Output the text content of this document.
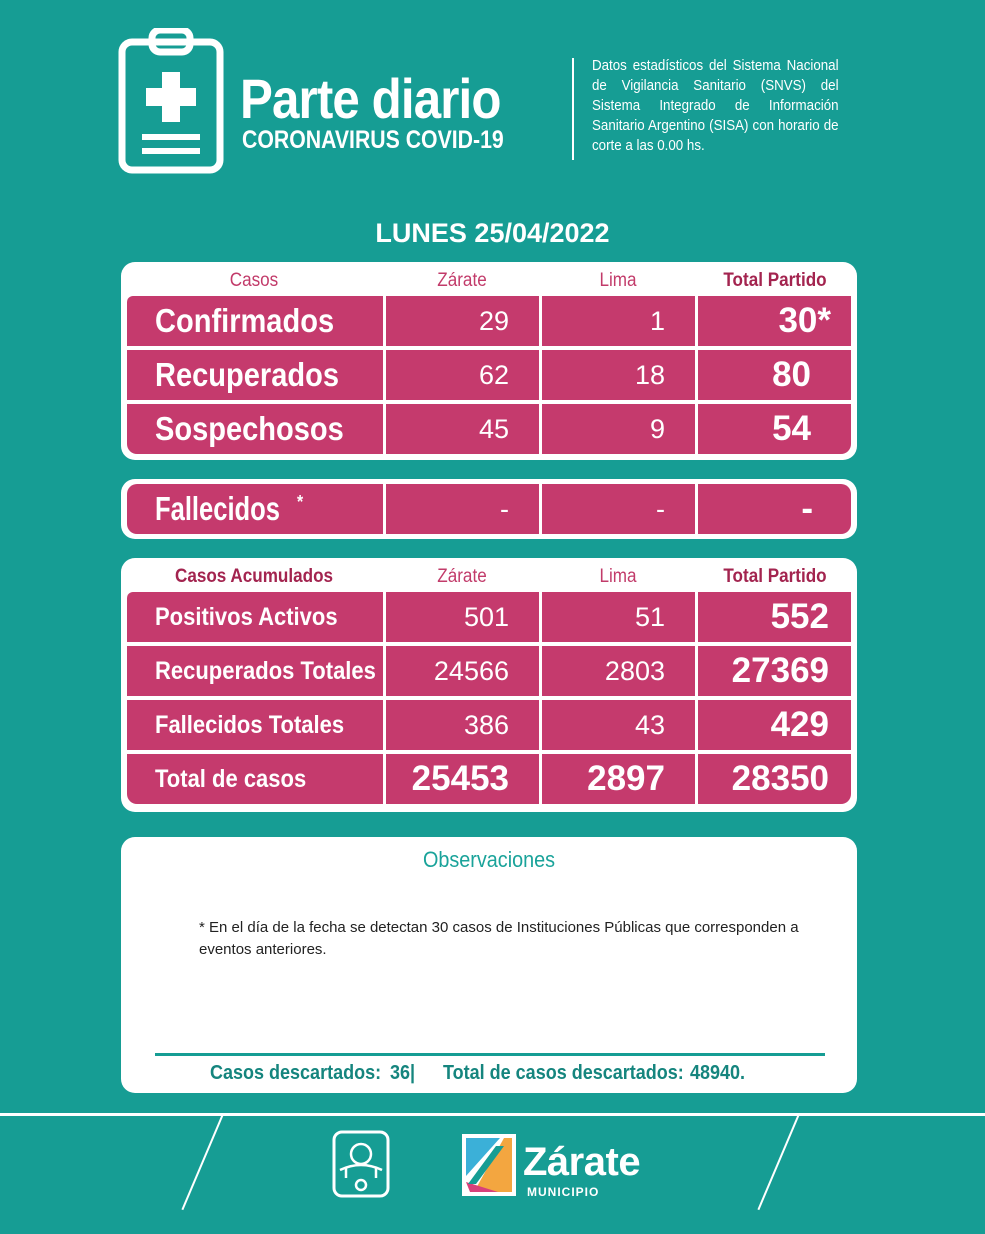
Parte diario
CORONAVIRUS COVID-19
Datos estadísticos del Sistema Nacional de Vigilancia Sanitario (SNVS) del Sistema Integrado de Información Sanitario Argentino (SISA) con horario de corte a las 0.00 hs.
LUNES 25/04/2022
Casos	Zárate	Lima	Total Partido
Confirmados	29	1	30*
Recuperados	62	18	80
Sospechosos	45	9	54
Fallecidos *	-	-	-
Casos Acumulados	Zárate	Lima	Total Partido
Positivos Activos	501	51	552
Recuperados Totales	24566	2803	27369
Fallecidos Totales	386	43	429
Total de casos	25453	2897	28350
Observaciones
* En el día de la fecha se detectan 30 casos de Instituciones Públicas que corresponden a eventos anteriores.
Casos descartados: 36| Total de casos descartados: 48940.
Zárate
MUNICIPIO
